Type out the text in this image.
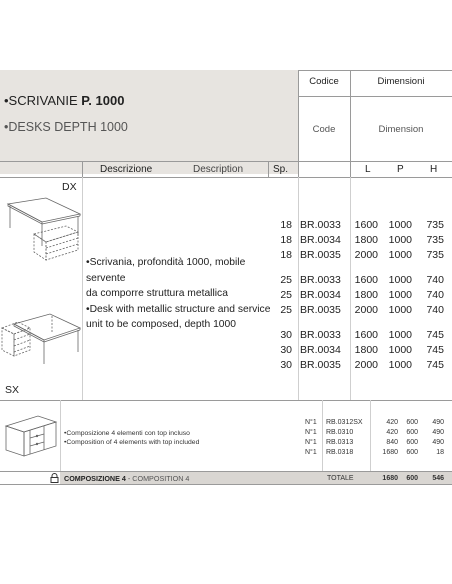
•SCRIVANIE P. 1000
•DESKS DEPTH 1000
Codice
Code
Dimensioni
Dimension
Descrizione	Description	Sp.	L	P	H
DX
SX
•Scrivania, profondità 1000, mobile
servente
da comporre struttura metallica
•Desk with metallic structure and service
unit to be composed, depth 1000
18 BR.0033	1600 1000 735
18 BR.0034	1800 1000 735
18 BR.0035	2000 1000 735
25 BR.0033	1600 1000 740
25 BR.0034	1800 1000 740
25 BR.0035	2000 1000 740
30 BR.0033	1600 1000 745
30 BR.0034	1800 1000 745
30 BR.0035	2000 1000 745
•Composizione 4 elementi con top incluso
•Composition of 4 elements with top included
N°1	RB.0312SX	420	600	490
N°1	RB.0310	420	600	490
N°1	RB.0313	840	600	490
N°1	RB.0318	1680	600	18
COMPOSIZIONE 4 - COMPOSITION 4	TOTALE	1680	600	546
